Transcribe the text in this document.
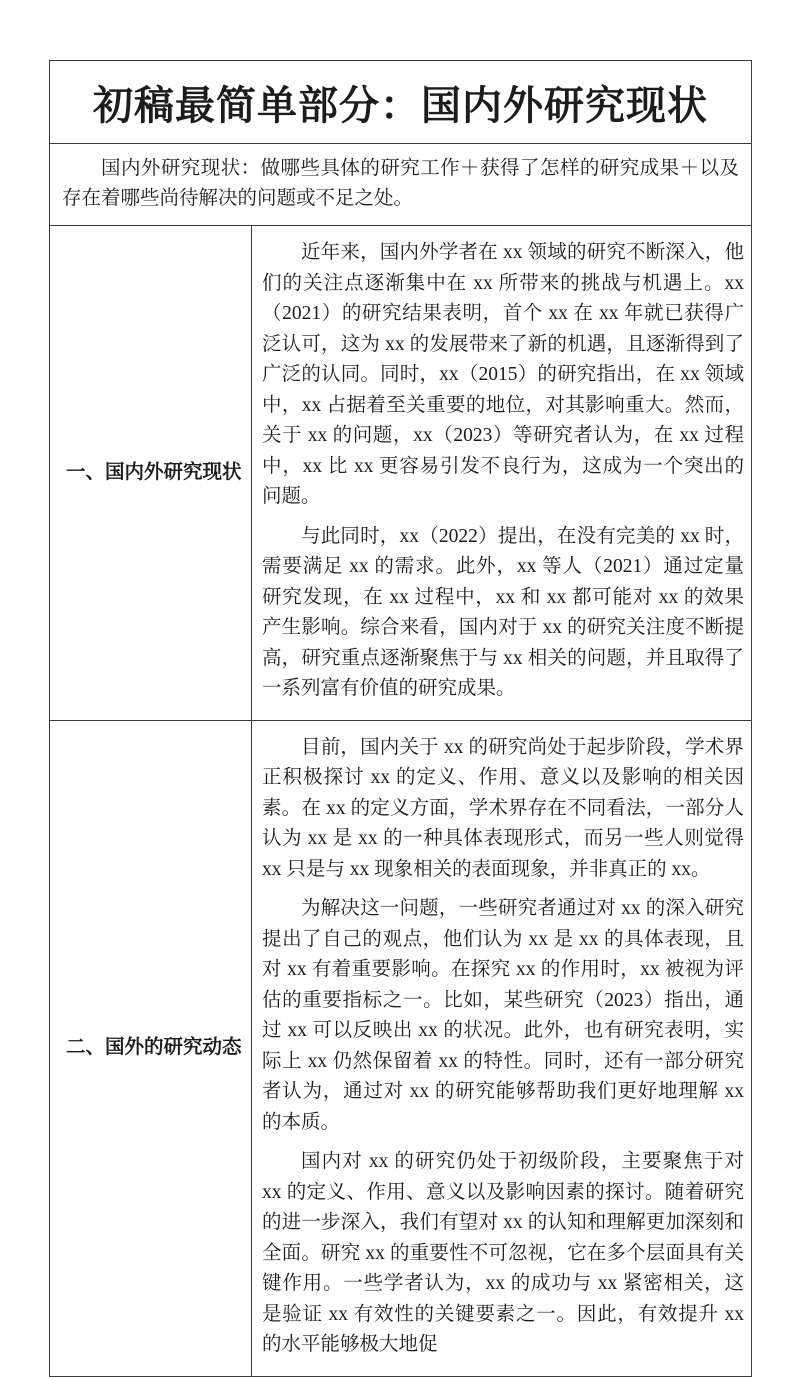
初稿最简单部分：国内外研究现状

国内外研究现状：做哪些具体的研究工作＋获得了怎样的研究成果＋以及存在着哪些尚待解决的问题或不足之处。

一、国内外研究现状

近年来，国内外学者在 xx 领域的研究不断深入，他们的关注点逐渐集中在 xx 所带来的挑战与机遇上。xx（2021）的研究结果表明，首个 xx 在 xx 年就已获得广泛认可，这为 xx 的发展带来了新的机遇，且逐渐得到了广泛的认同。同时，xx（2015）的研究指出，在 xx 领域中，xx 占据着至关重要的地位，对其影响重大。然而，关于 xx 的问题，xx（2023）等研究者认为，在 xx 过程中，xx 比 xx 更容易引发不良行为，这成为一个突出的问题。

与此同时，xx（2022）提出，在没有完美的 xx 时，需要满足 xx 的需求。此外，xx 等人（2021）通过定量研究发现，在 xx 过程中，xx 和 xx 都可能对 xx 的效果产生影响。综合来看，国内对于 xx 的研究关注度不断提高，研究重点逐渐聚焦于与 xx 相关的问题，并且取得了一系列富有价值的研究成果。

二、国外的研究动态

目前，国内关于 xx 的研究尚处于起步阶段，学术界正积极探讨 xx 的定义、作用、意义以及影响的相关因素。在 xx 的定义方面，学术界存在不同看法，一部分人认为 xx 是 xx 的一种具体表现形式，而另一些人则觉得 xx 只是与 xx 现象相关的表面现象，并非真正的 xx。

为解决这一问题，一些研究者通过对 xx 的深入研究提出了自己的观点，他们认为 xx 是 xx 的具体表现，且对 xx 有着重要影响。在探究 xx 的作用时，xx 被视为评估的重要指标之一。比如，某些研究（2023）指出，通过 xx 可以反映出 xx 的状况。此外，也有研究表明，实际上 xx 仍然保留着 xx 的特性。同时，还有一部分研究者认为，通过对 xx 的研究能够帮助我们更好地理解 xx 的本质。

国内对 xx 的研究仍处于初级阶段，主要聚焦于对 xx 的定义、作用、意义以及影响因素的探讨。随着研究的进一步深入，我们有望对 xx 的认知和理解更加深刻和全面。研究 xx 的重要性不可忽视，它在多个层面具有关键作用。一些学者认为，xx 的成功与 xx 紧密相关，这是验证 xx 有效性的关键要素之一。因此，有效提升 xx 的水平能够极大地促
